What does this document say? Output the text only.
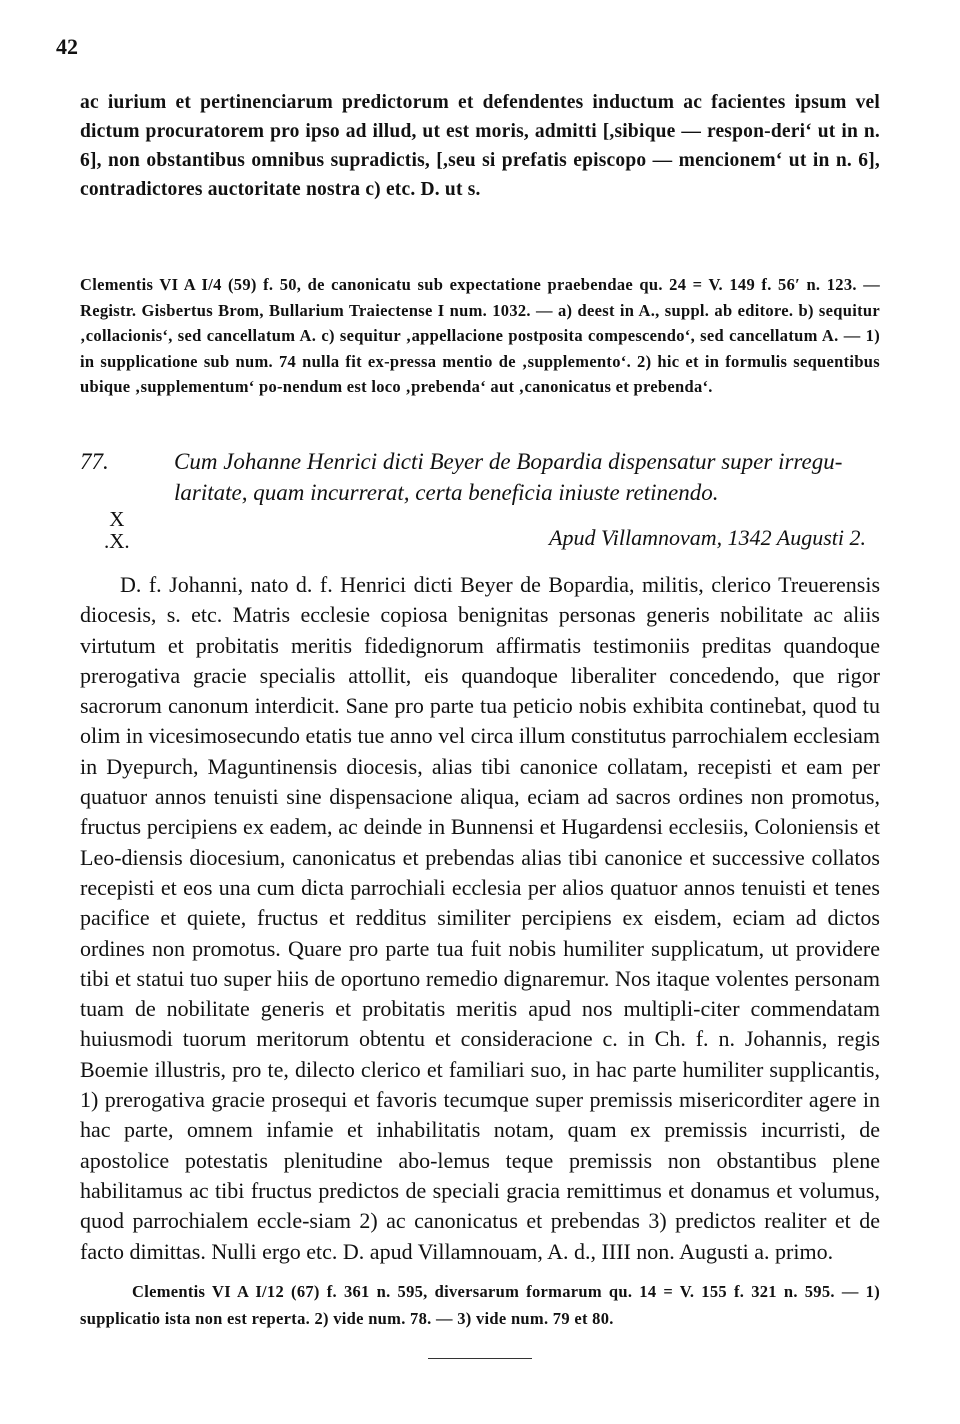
42
ac iurium et pertinenciarum predictorum et defendentes inductum ac facientes ipsum vel dictum procuratorem pro ipso ad illud, ut est moris, admitti [,sibique — respon-deri‘ ut in n. 6], non obstantibus omnibus supradictis, [,seu si prefatis episcopo — mencionem‘ ut in n. 6], contradictores auctoritate nostra c) etc. D. ut s.

Clementis VI A I/4 (59) f. 50, de canonicatu sub expectatione praebendae qu. 24 = V. 149 f. 56′ n. 123. — Registr. Gisbertus Brom, Bullarium Traiectense I num. 1032. — a) deest in A., suppl. ab editore. b) sequitur ‚collacionis‘, sed cancellatum A. c) sequitur ‚appellacione postposita compescendo‘, sed cancellatum A. — 1) in supplicatione sub num. 74 nulla fit ex-pressa mentio de ‚supplemento‘. 2) hic et in formulis sequentibus ubique ‚supplementum‘ po-nendum est loco ‚prebenda‘ aut ‚canonicatus et prebenda‘.

77.	Cum Johanne Henrici dicti Beyer de Bopardia dispensatur super irregu-
laritate, quam incurrerat, certa beneficia iniuste retinendo.
X
.X.	Apud Villamnovam, 1342 Augusti 2.

D. f. Johanni, nato d. f. Henrici dicti Beyer de Bopardia, militis, clerico Treuerensis diocesis, s. etc. Matris ecclesie copiosa benignitas personas generis nobilitate ac aliis virtutum et probitatis meritis fidedignorum affirmatis testimoniis preditas quandoque prerogativa gracie specialis attollit, eis quandoque liberaliter concedendo, que rigor sacrorum canonum interdicit. Sane pro parte tua peticio nobis exhibita continebat, quod tu olim in vicesimosecundo etatis tue anno vel circa illum constitutus parrochialem ecclesiam in Dyepurch, Maguntinensis diocesis, alias tibi canonice collatam, recepisti et eam per quatuor annos tenuisti sine dispensacione aliqua, eciam ad sacros ordines non promotus, fructus percipiens ex eadem, ac deinde in Bunnensi et Hugardensi ecclesiis, Coloniensis et Leo-diensis diocesium, canonicatus et prebendas alias tibi canonice et successive collatos recepisti et eos una cum dicta parrochiali ecclesia per alios quatuor annos tenuisti et tenes pacifice et quiete, fructus et redditus similiter percipiens ex eisdem, eciam ad dictos ordines non promotus. Quare pro parte tua fuit nobis humiliter supplicatum, ut providere tibi et statui tuo super hiis de oportuno remedio dignaremur. Nos itaque volentes personam tuam de nobilitate generis et probitatis meritis apud nos multipli-citer commendatam huiusmodi tuorum meritorum obtentu et consideracione c. in Ch. f. n. Johannis, regis Boemie illustris, pro te, dilecto clerico et familiari suo, in hac parte humiliter supplicantis, 1) prerogativa gracie prosequi et favoris tecumque super premissis misericorditer agere in hac parte, omnem infamie et inhabilitatis notam, quam ex premissis incurristi, de apostolice potestatis plenitudine abo-lemus teque premissis non obstantibus plene habilitamus ac tibi fructus predictos de speciali gracia remittimus et donamus et volumus, quod parrochialem eccle-siam 2) ac canonicatus et prebendas 3) predictos realiter et de facto dimittas. Nulli ergo etc. D. apud Villamnouam, A. d., IIII non. Augusti a. primo.

Clementis VI A I/12 (67) f. 361 n. 595, diversarum formarum qu. 14 = V. 155 f. 321 n. 595. — 1) supplicatio ista non est reperta. 2) vide num. 78. — 3) vide num. 79 et 80.
